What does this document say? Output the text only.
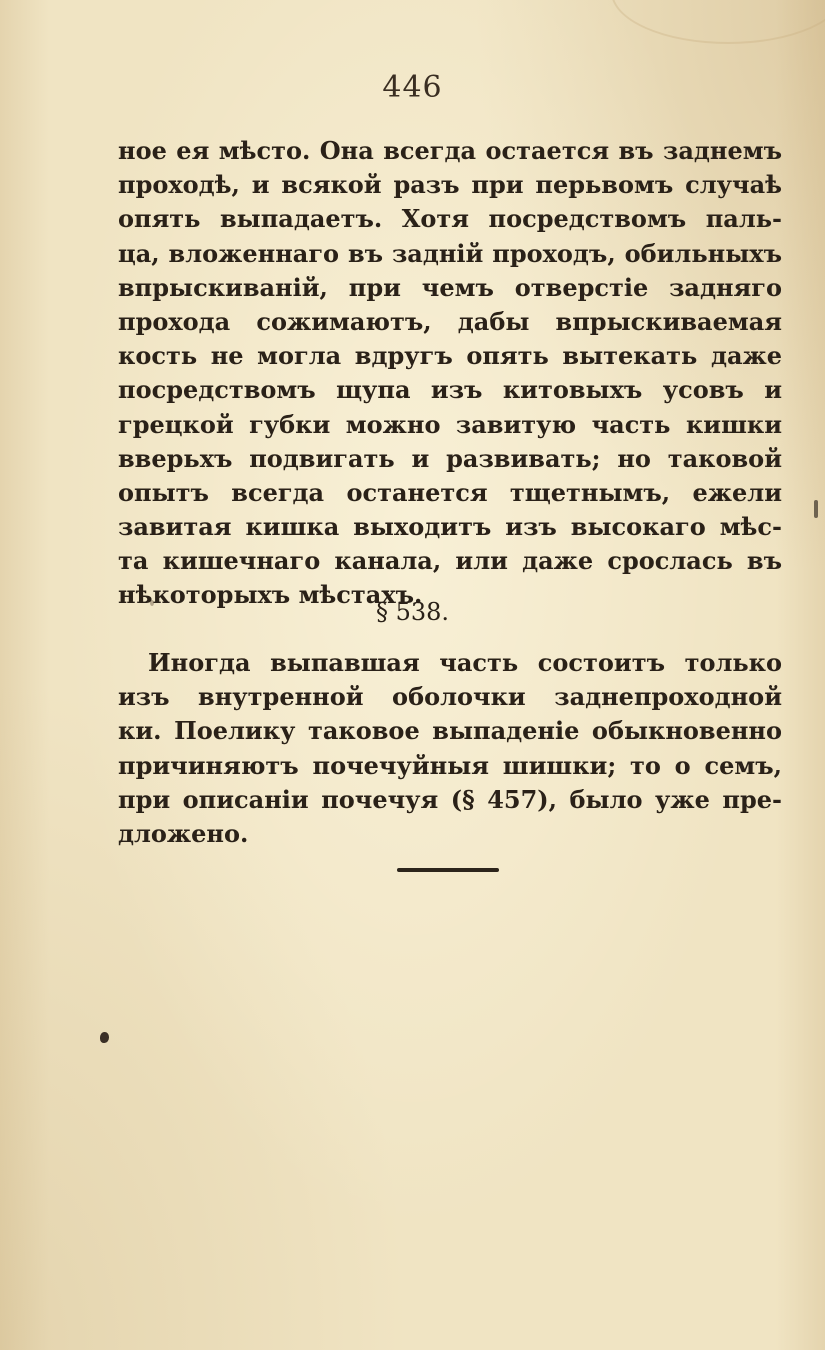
446
ное ея мѣсто. Она всегда остается въ заднемъ
проходѣ, и всякой разъ при перьвомъ случаѣ
опять выпадаетъ. Хотя посредствомъ паль-
ца, вложеннаго въ заднiй проходъ, обильныхъ
впрыскиванiй, при чемъ отверстiе задняго
прохода сожимаютъ, дабы впрыскиваемая
кость не могла вдругъ опять вытекать даже
посредствомъ щупа изъ китовыхъ усовъ и
грецкой губки можно завитую часть кишки
вверьхъ подвигать и развивать; но таковой
опытъ всегда останется тщетнымъ, ежели
завитая кишка выходитъ изъ высокаго мѣс-
та кишечнаго канала, или даже срослась въ
нѣкоторыхъ мѣстахъ.
§ 538.
Иногда выпавшая часть состоитъ только
изъ внутренной оболочки заднепроходной
ки. Поелику таковое выпаденiе обыкновенно
причиняютъ почечуйныя шишки; то о семъ,
при описанiи почечуя (§ 457), было уже пре-
дложено.
